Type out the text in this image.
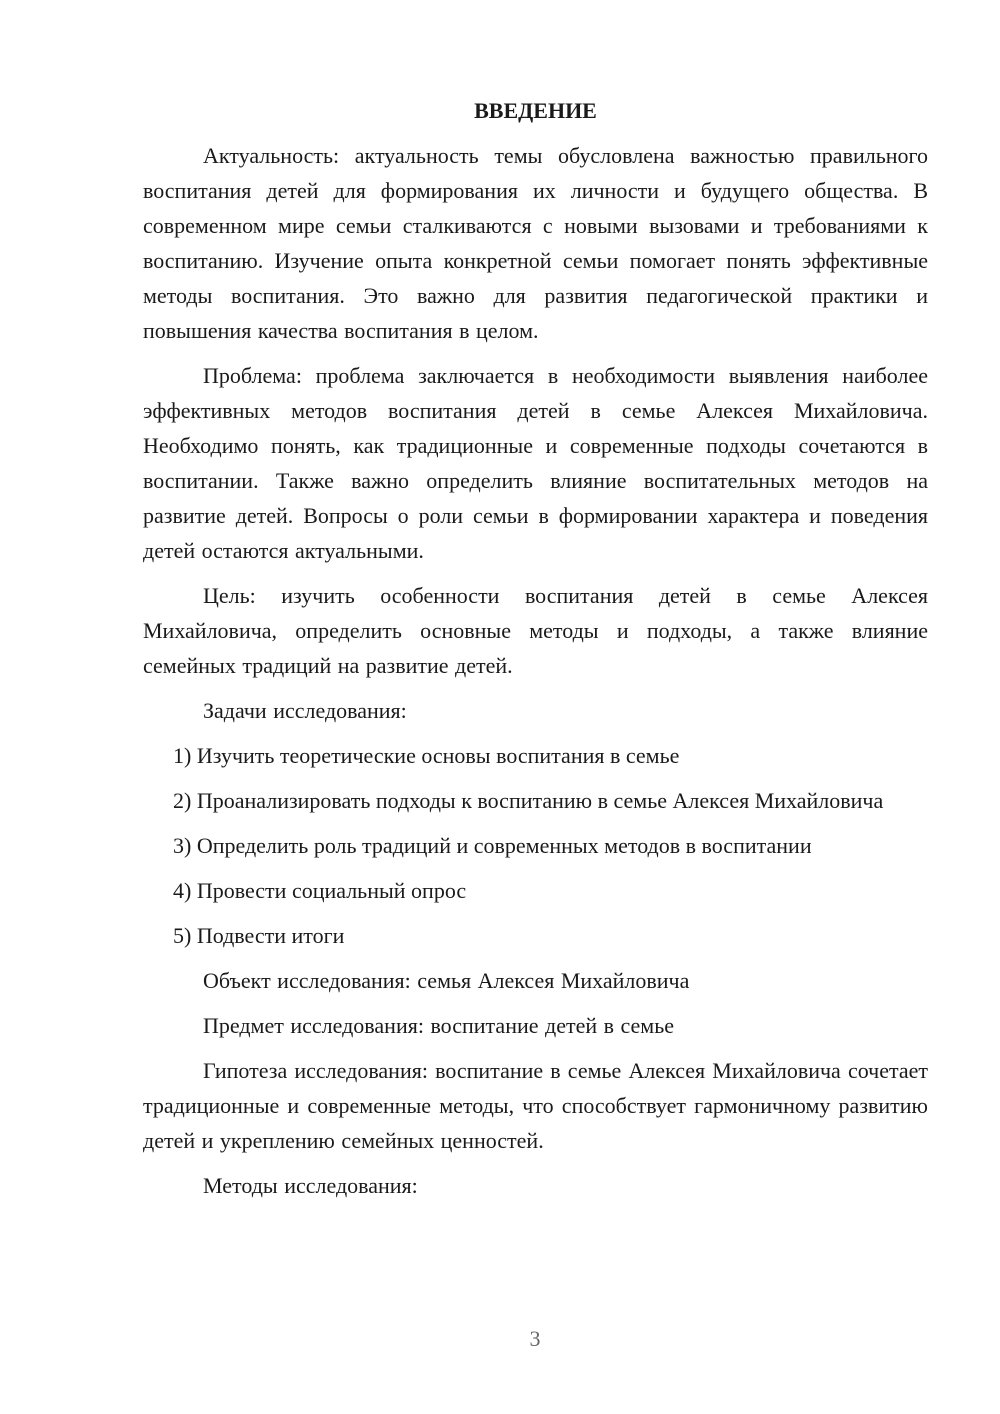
ВВЕДЕНИЕ

Актуальность: актуальность темы обусловлена важностью правильного воспитания детей для формирования их личности и будущего общества. В современном мире семьи сталкиваются с новыми вызовами и требованиями к воспитанию. Изучение опыта конкретной семьи помогает понять эффективные методы воспитания. Это важно для развития педагогической практики и повышения качества воспитания в целом.

Проблема: проблема заключается в необходимости выявления наиболее эффективных методов воспитания детей в семье Алексея Михайловича. Необходимо понять, как традиционные и современные подходы сочетаются в воспитании. Также важно определить влияние воспитательных методов на развитие детей. Вопросы о роли семьи в формировании характера и поведения детей остаются актуальными.

Цель: изучить особенности воспитания детей в семье Алексея Михайловича, определить основные методы и подходы, а также влияние семейных традиций на развитие детей.

Задачи исследования:

1) Изучить теоретические основы воспитания в семье

2) Проанализировать подходы к воспитанию в семье Алексея Михайловича

3) Определить роль традиций и современных методов в воспитании

4) Провести социальный опрос

5) Подвести итоги

Объект исследования: семья Алексея Михайловича

Предмет исследования: воспитание детей в семье

Гипотеза исследования: воспитание в семье Алексея Михайловича сочетает традиционные и современные методы, что способствует гармоничному развитию детей и укреплению семейных ценностей.

Методы исследования:

3
